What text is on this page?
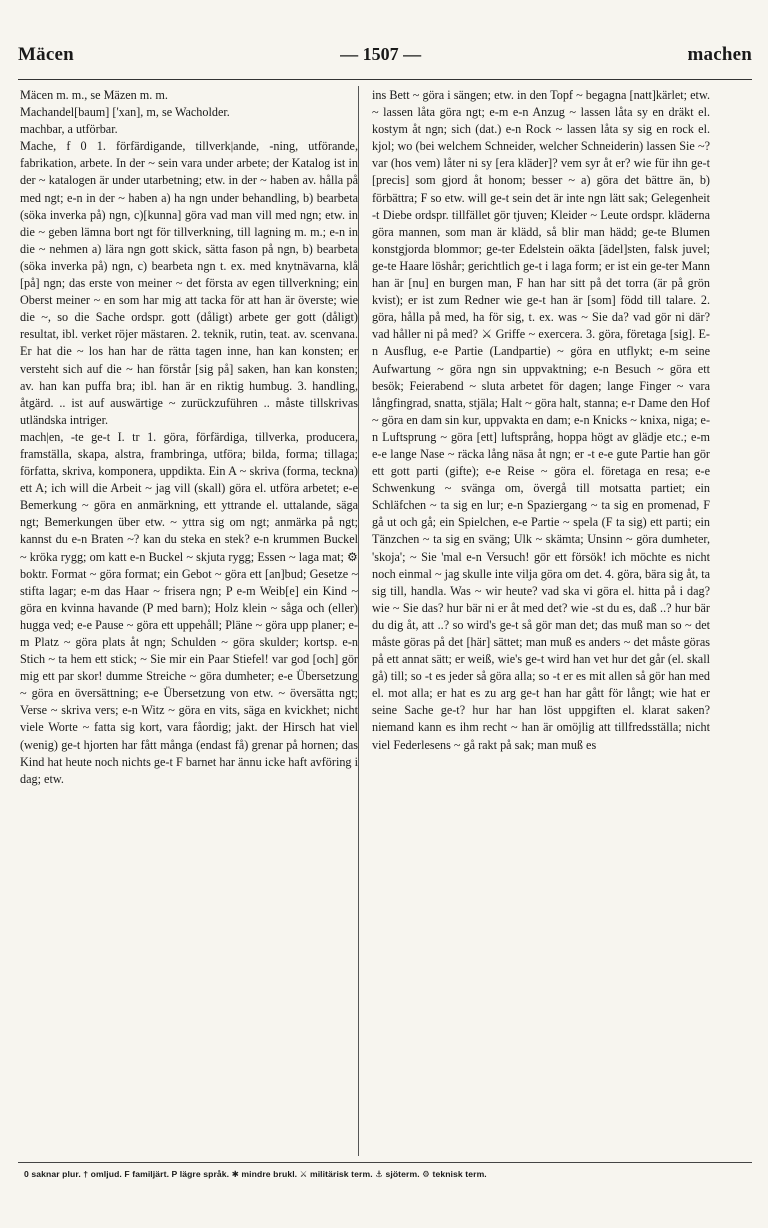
Mäcen	— 1507 —	machen
Mäcen m. m., se Mäzen m. m.
Machandel[baum] ['xan], m, se Wacholder.
machbar, a utförbar.
Mache, f 0 1. förfärdigande, tillverk|ande, -ning, utförande, fabrikation, arbete. In der ~ sein vara under arbete; der Katalog ist in der ~ katalogen är under utarbetning; etw. in der ~ haben av. hålla på med ngt; e-n in der ~ haben a) ha ngn under behandling, b) bearbeta (söka inverka på) ngn, c)[kunna] göra vad man vill med ngn; etw. in die ~ geben lämna bort ngt för tillverkning, till lagning m. m.; e-n in die ~ nehmen a) lära ngn gott skick, sätta fason på ngn, b) bearbeta (söka inverka på) ngn, c) bearbeta ngn t. ex. med knytnävarna, klå [på] ngn; das erste von meiner ~ det första av egen tillverkning; ein Oberst meiner ~ en som har mig att tacka för att han är överste; wie die ~, so die Sache ordspr. gott (dåligt) arbete ger gott (dåligt) resultat, ibl. verket röjer mästaren. 2. teknik, rutin, teat. av. scenvana. Er hat die ~ los han har de rätta tagen inne, han kan konsten; er versteht sich auf die ~ han förstår [sig på] saken, han kan konsten; av. han kan puffa bra; ibl. han är en riktig humbug. 3. handling, åtgärd. .. ist auf auswärtige ~ zurückzuführen .. måste tillskrivas utländska intriger.
mach|en, -te ge-t I. tr 1. göra, förfärdiga, tillverka, producera, framställa, skapa, alstra, frambringa, utföra; bilda, forma; tillaga; författa, skriva, komponera, uppdikta. Ein A ~ skriva (forma, teckna) ett A; ich will die Arbeit ~ jag vill (skall) göra el. utföra arbetet; e-e Bemerkung ~ göra en anmärkning, ett yttrande el. uttalande, säga ngt; Bemerkungen über etw. ~ yttra sig om ngt; anmärka på ngt; kannst du e-n Braten ~? kan du steka en stek? e-n krummen Buckel ~ kröka rygg; om katt e-n Buckel ~ skjuta rygg; Essen ~ laga mat; ⚙ boktr. Format ~ göra format; ein Gebot ~ göra ett [an]bud; Gesetze ~ stifta lagar; e-m das Haar ~ frisera ngn; P e-m Weib[e] ein Kind ~ göra en kvinna havande (P med barn); Holz klein ~ såga och (eller) hugga ved; e-e Pause ~ göra ett uppehåll; Pläne ~ göra upp planer; e-m Platz ~ göra plats åt ngn; Schulden ~ göra skulder; kortsp. e-n Stich ~ ta hem ett stick; ~ Sie mir ein Paar Stiefel! var god [och] gör mig ett par skor! dumme Streiche ~ göra dumheter; e-e Übersetzung ~ göra en översättning; e-e Übersetzung von etw. ~ översätta ngt; Verse ~ skriva vers; e-n Witz ~ göra en vits, säga en kvickhet; nicht viele Worte ~ fatta sig kort, vara fåordig; jakt. der Hirsch hat viel (wenig) ge-t hjorten har fått många (endast få) grenar på hornen; das Kind hat heute noch nichts ge-t F barnet har ännu icke haft avföring i dag; etw.
ins Bett ~ göra i sängen; etw. in den Topf ~ begagna [natt]kärlet; etw. ~ lassen låta göra ngt; e-m e-n Anzug ~ lassen låta sy en dräkt el. kostym åt ngn; sich (dat.) e-n Rock ~ lassen låta sy sig en rock el. kjol; wo (bei welchem Schneider, welcher Schneiderin) lassen Sie ~? var (hos vem) låter ni sy [era kläder]? vem syr åt er? wie für ihn ge-t [precis] som gjord åt honom; besser ~ a) göra det bättre än, b) förbättra; F so etw. will ge-t sein det är inte ngn lätt sak; Gelegenheit -t Diebe ordspr. tillfället gör tjuven; Kleider ~ Leute ordspr. kläderna göra mannen, som man är klädd, så blir man hädd; ge-te Blumen konstgjorda blommor; ge-ter Edelstein oäkta [ädel]sten, falsk juvel; ge-te Haare löshår; gerichtlich ge-t i laga form; er ist ein ge-ter Mann han är [nu] en burgen man, F han har sitt på det torra (är på grön kvist); er ist zum Redner wie ge-t han är [som] född till talare. 2. göra, hålla på med, ha för sig, t. ex. was ~ Sie da? vad gör ni där? vad håller ni på med? ⚔ Griffe ~ exercera. 3. göra, företaga [sig]. E-n Ausflug, e-e Partie (Landpartie) ~ göra en utflykt; e-m seine Aufwartung ~ göra ngn sin uppvaktning; e-n Besuch ~ göra ett besök; Feierabend ~ sluta arbetet för dagen; lange Finger ~ vara långfingrad, snatta, stjäla; Halt ~ göra halt, stanna; e-r Dame den Hof ~ göra en dam sin kur, uppvakta en dam; e-n Knicks ~ knixa, niga; e-n Luftsprung ~ göra [ett] luftsprång, hoppa högt av glädje etc.; e-m e-e lange Nase ~ räcka lång näsa åt ngn; er -t e-e gute Partie han gör ett gott parti (gifte); e-e Reise ~ göra el. företaga en resa; e-e Schwenkung ~ svänga om, övergå till motsatta partiet; ein Schläfchen ~ ta sig en lur; e-n Spaziergang ~ ta sig en promenad, F gå ut och gå; ein Spielchen, e-e Partie ~ spela (F ta sig) ett parti; ein Tänzchen ~ ta sig en sväng; Ulk ~ skämta; Unsinn ~ göra dumheter, 'skoja'; ~ Sie 'mal e-n Versuch! gör ett försök! ich möchte es nicht noch einmal ~ jag skulle inte vilja göra om det. 4. göra, bära sig åt, ta sig till, handla. Was ~ wir heute? vad ska vi göra el. hitta på i dag? wie ~ Sie das? hur bär ni er åt med det? wie -st du es, daß ..? hur bär du dig åt, att ..? so wird's ge-t så gör man det; das muß man so ~ det måste göras på det [här] sättet; man muß es anders ~ det måste göras på ett annat sätt; er weiß, wie's ge-t wird han vet hur det går (el. skall gå) till; so -t es jeder så göra alla; so -t er es mit allen så gör han med el. mot alla; er hat es zu arg ge-t han har gått för långt; wie hat er seine Sache ge-t? hur har han löst uppgiften el. klarat saken? niemand kann es ihm recht ~ han är omöjlig att tillfredsställa; nicht viel Federlesens ~ gå rakt på sak; man muß es
0 saknar plur. † omljud. F familjärt. P lägre språk. ✱ mindre brukl. ⚔ militärisk term. ⚓ sjöterm. ⚙ teknisk term.
